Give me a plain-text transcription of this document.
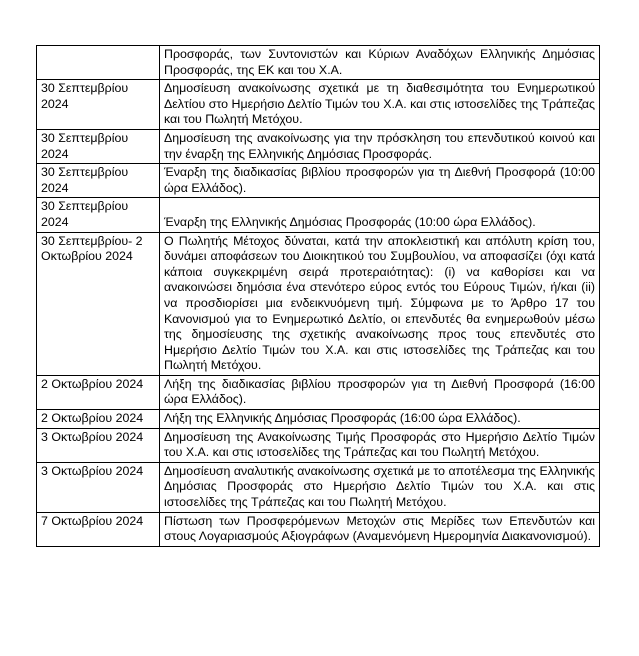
	Προσφοράς, των Συντονιστών και Κύριων Αναδόχων Ελληνικής Δημόσιας Προσφοράς, της ΕΚ και του Χ.Α.
30 Σεπτεμβρίου 2024	Δημοσίευση ανακοίνωσης σχετικά με τη διαθεσιμότητα του Ενημερωτικού Δελτίου στο Ημερήσιο Δελτίο Τιμών του Χ.Α. και στις ιστοσελίδες της Τράπεζας και του Πωλητή Μετόχου.
30 Σεπτεμβρίου 2024	Δημοσίευση της ανακοίνωσης για την πρόσκληση του επενδυτικού κοινού και την έναρξη της Ελληνικής Δημόσιας Προσφοράς.
30 Σεπτεμβρίου 2024	Έναρξη της διαδικασίας βιβλίου προσφορών για τη Διεθνή Προσφορά (10:00 ώρα Ελλάδος).
30 Σεπτεμβρίου 2024	Έναρξη της Ελληνικής Δημόσιας Προσφοράς (10:00 ώρα Ελλάδος).
30 Σεπτεμβρίου- 2 Οκτωβρίου 2024	Ο Πωλητής Μέτοχος δύναται, κατά την αποκλειστική και απόλυτη κρίση του, δυνάμει αποφάσεων του Διοικητικού του Συμβουλίου, να αποφασίζει (όχι κατά κάποια συγκεκριμένη σειρά προτεραιότητας): (i) να καθορίσει και να ανακοινώσει δημόσια ένα στενότερο εύρος εντός του Εύρους Τιμών, ή/και (ii) να προσδιορίσει μια ενδεικνυόμενη τιμή. Σύμφωνα με το Άρθρο 17 του Κανονισμού για το Ενημερωτικό Δελτίο, οι επενδυτές θα ενημερωθούν μέσω της δημοσίευσης της σχετικής ανακοίνωσης προς τους επενδυτές στο Ημερήσιο Δελτίο Τιμών του Χ.Α. και στις ιστοσελίδες της Τράπεζας και του Πωλητή Μετόχου.
2 Οκτωβρίου 2024	Λήξη της διαδικασίας βιβλίου προσφορών για τη Διεθνή Προσφορά (16:00 ώρα Ελλάδος).
2 Οκτωβρίου 2024	Λήξη της Ελληνικής Δημόσιας Προσφοράς (16:00 ώρα Ελλάδος).
3 Οκτωβρίου 2024	Δημοσίευση της Ανακοίνωσης Τιμής Προσφοράς στο Ημερήσιο Δελτίο Τιμών του Χ.Α. και στις ιστοσελίδες της Τράπεζας και του Πωλητή Μετόχου.
3 Οκτωβρίου 2024	Δημοσίευση αναλυτικής ανακοίνωσης σχετικά με το αποτέλεσμα της Ελληνικής Δημόσιας Προσφοράς στο Ημερήσιο Δελτίο Τιμών του Χ.Α. και στις ιστοσελίδες της Τράπεζας και του Πωλητή Μετόχου.
7 Οκτωβρίου 2024	Πίστωση των Προσφερόμενων Μετοχών στις Μερίδες των Επενδυτών και στους Λογαριασμούς Αξιογράφων (Αναμενόμενη Ημερομηνία Διακανονισμού).
